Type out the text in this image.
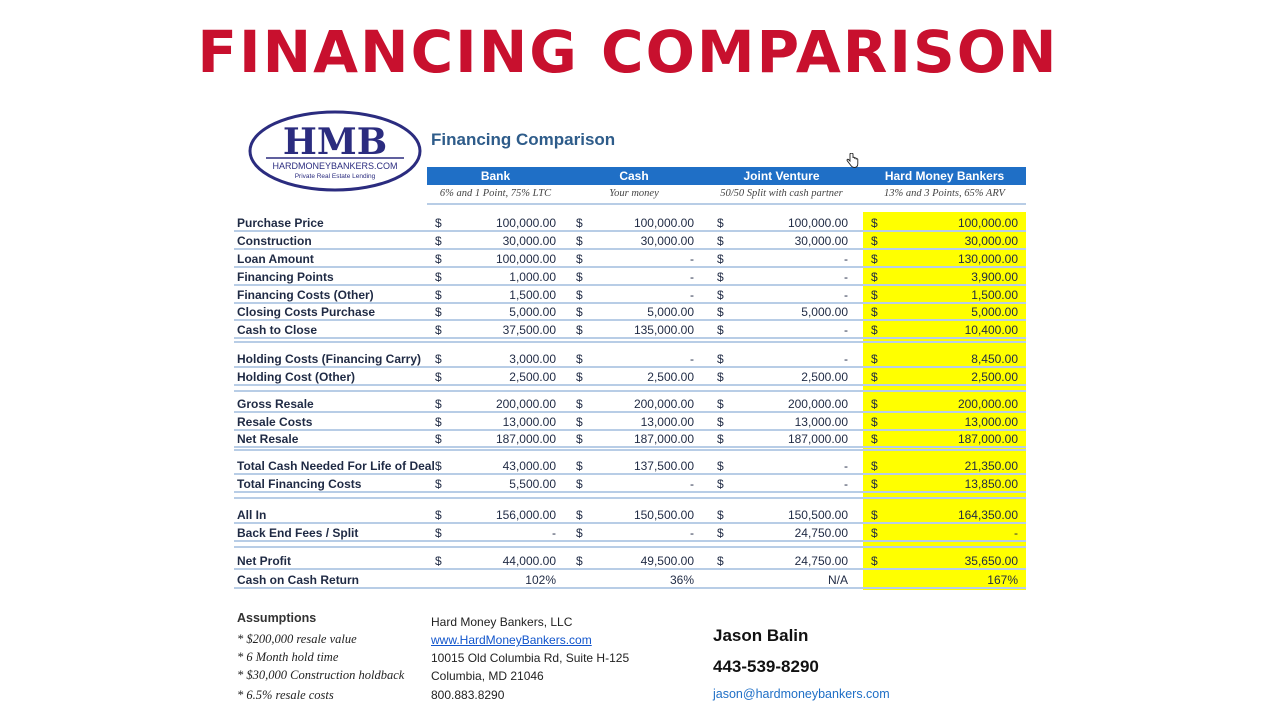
FINANCING COMPARISON
HMB
HARDMONEYBANKERS.COM
Private Real Estate Lending
Financing Comparison
Bank	Cash	Joint Venture	Hard Money Bankers
6% and 1 Point, 75% LTC	Your money	50/50 Split with cash partner	13% and 3 Points, 65% ARV
Purchase Price	$	100,000.00 $	100,000.00 $	100,000.00 $	100,000.00
Construction	$	30,000.00 $	30,000.00 $	30,000.00 $	30,000.00
Loan Amount	$	100,000.00 $	- $	- $	130,000.00
Financing Points	$	1,000.00 $	- $	- $	3,900.00
Financing Costs (Other)	$	1,500.00 $	- $	- $	1,500.00
Closing Costs Purchase	$	5,000.00 $	5,000.00 $	5,000.00 $	5,000.00
Cash to Close	$	37,500.00 $	135,000.00 $	- $	10,400.00
Holding Costs (Financing Carry) $	3,000.00 $	- $	- $	8,450.00
Holding Cost (Other)	$	2,500.00 $	2,500.00 $	2,500.00 $	2,500.00
Gross Resale	$	200,000.00 $	200,000.00 $	200,000.00 $	200,000.00
Resale Costs	$	13,000.00 $	13,000.00 $	13,000.00 $	13,000.00
Net Resale	$	187,000.00 $	187,000.00 $	187,000.00 $	187,000.00
Total Cash Needed For Life of Deal $	43,000.00 $	137,500.00 $	- $	21,350.00
Total Financing Costs	$	5,500.00 $	- $	- $	13,850.00
All In	$	156,000.00 $	150,500.00 $	150,500.00 $	164,350.00
Back End Fees / Split	$	- $	- $	24,750.00 $	-
Net Profit	$	44,000.00 $	49,500.00 $	24,750.00 $	35,650.00
Cash on Cash Return	102%	36%	N/A	167%
Assumptions
* $200,000 resale value
* 6 Month hold time
* $30,000 Construction holdback
* 6.5% resale costs
Hard Money Bankers, LLC
www.HardMoneyBankers.com
10015 Old Columbia Rd, Suite H-125
Columbia, MD 21046
800.883.8290
Jason Balin
443-539-8290
jason@hardmoneybankers.com
